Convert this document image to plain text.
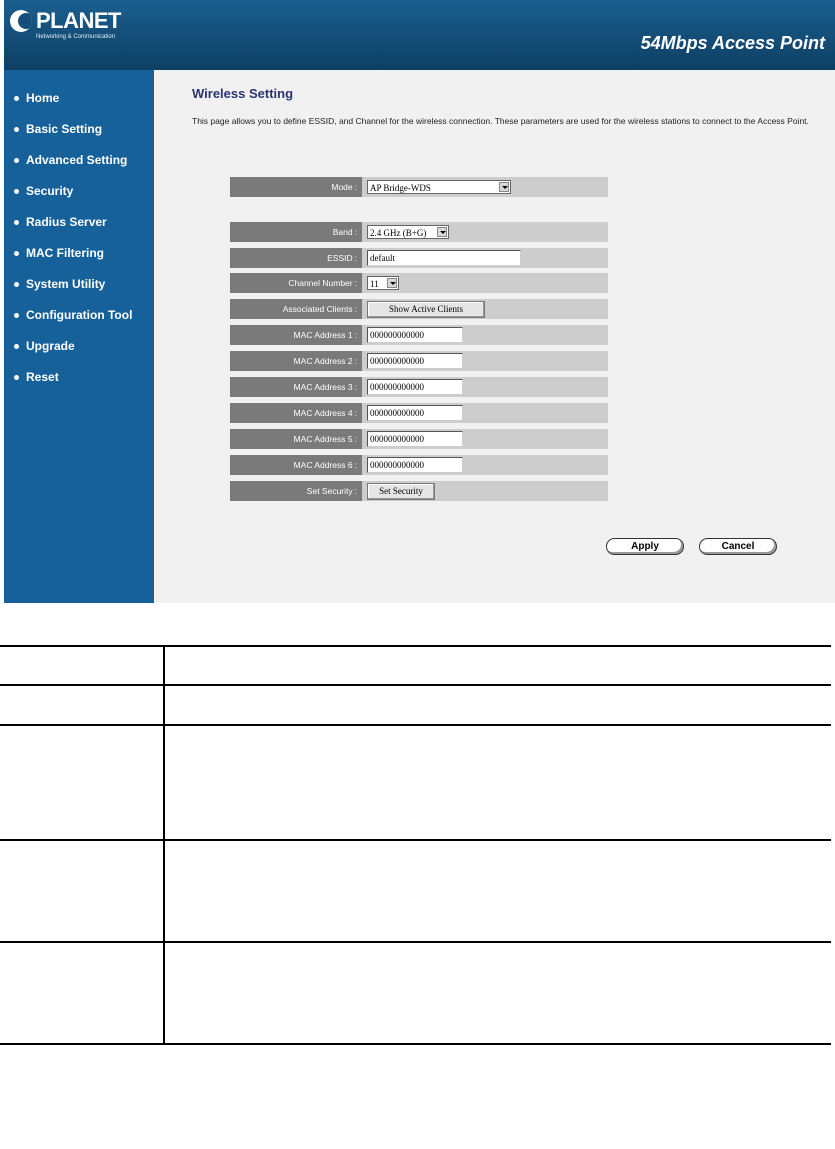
PLANET
Networking & Communication	54Mbps Access Point
Home
Basic Setting
Advanced Setting
Security
Radius Server
MAC Filtering
System Utility
Configuration Tool
Upgrade
Reset
Wireless Setting
This page allows you to define ESSID, and Channel for the wireless connection. These parameters are used for the wireless stations to connect to the Access Point.
Mode :	AP Bridge-WDS
Band :	2.4 GHz (B+G)
ESSID :	default
Channel Number :	11
Associated Clients :	Show Active Clients
MAC Address 1 :	000000000000
MAC Address 2 :	000000000000
MAC Address 3 :	000000000000
MAC Address 4 :	000000000000
MAC Address 5 :	000000000000
MAC Address 6 :	000000000000
Set Security :	Set Security
Apply	Cancel
